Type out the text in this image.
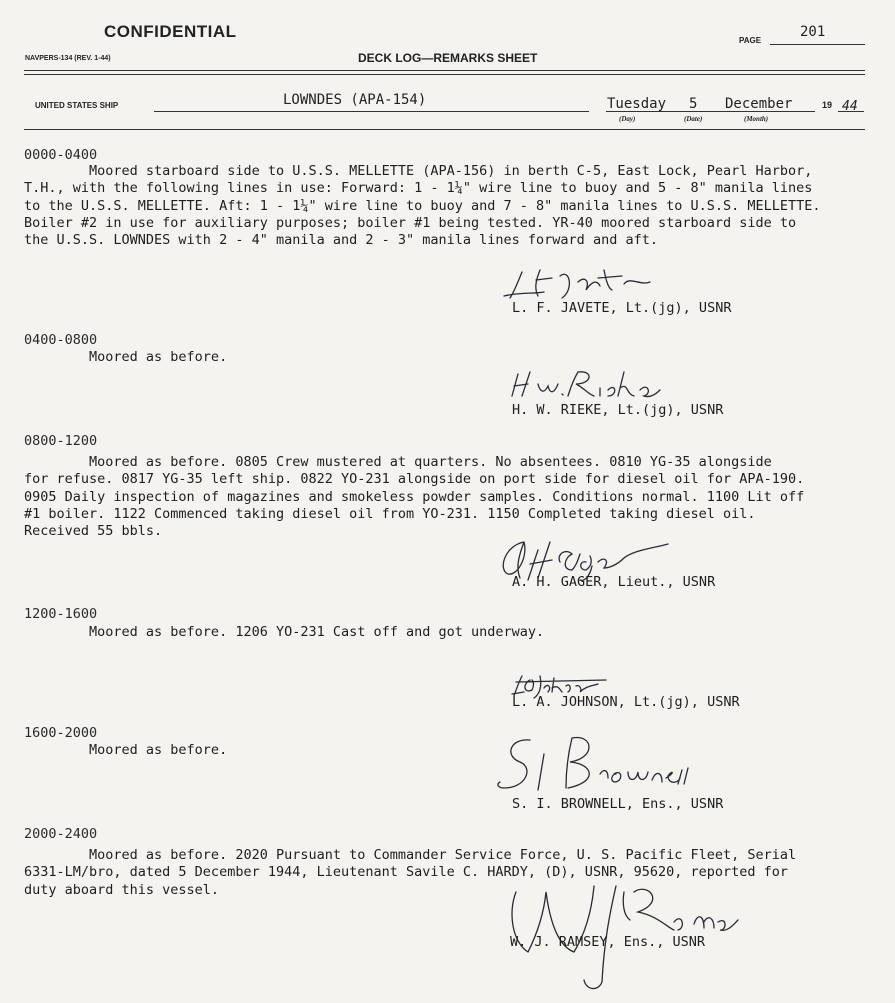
CONFIDENTIAL	PAGE
201
NAVPERS-134 (REV. 1-44)	DECK LOG—REMARKS SHEET
UNITED STATES SHIP	LOWNDES (APA-154)	Tuesday 5 December	19 44
(Day)	(Date)	(Month)
0000-0400
Moored starboard side to U.S.S. MELLETTE (APA-156) in berth C-5, East Lock, Pearl Harbor,
T.H., with the following lines in use: Forward: 1 - 1¼" wire line to buoy and 5 - 8" manila lines
to the U.S.S. MELLETTE. Aft: 1 - 1¼" wire line to buoy and 7 - 8" manila lines to U.S.S. MELLETTE.
Boiler #2 in use for auxiliary purposes; boiler #1 being tested. YR-40 moored starboard side to
the U.S.S. LOWNDES with 2 - 4" manila and 2 - 3" manila lines forward and aft.
L. F. JAVETE, Lt.(jg), USNR
0400-0800
Moored as before.
H. W. RIEKE, Lt.(jg), USNR
0800-1200
Moored as before. 0805 Crew mustered at quarters. No absentees. 0810 YG-35 alongside
for refuse. 0817 YG-35 left ship. 0822 YO-231 alongside on port side for diesel oil for APA-190.
0905 Daily inspection of magazines and smokeless powder samples. Conditions normal. 1100 Lit off
#1 boiler. 1122 Commenced taking diesel oil from YO-231. 1150 Completed taking diesel oil.
Received 55 bbls.
A. H. GAGER, Lieut., USNR
1200-1600
Moored as before. 1206 YO-231 Cast off and got underway.
L. A. JOHNSON, Lt.(jg), USNR
1600-2000
Moored as before.
S. I. BROWNELL, Ens., USNR
2000-2400
Moored as before. 2020 Pursuant to Commander Service Force, U. S. Pacific Fleet, Serial
6331-LM/bro, dated 5 December 1944, Lieutenant Savile C. HARDY, (D), USNR, 95620, reported for
duty aboard this vessel.
W. J. RAMSEY, Ens., USNR
